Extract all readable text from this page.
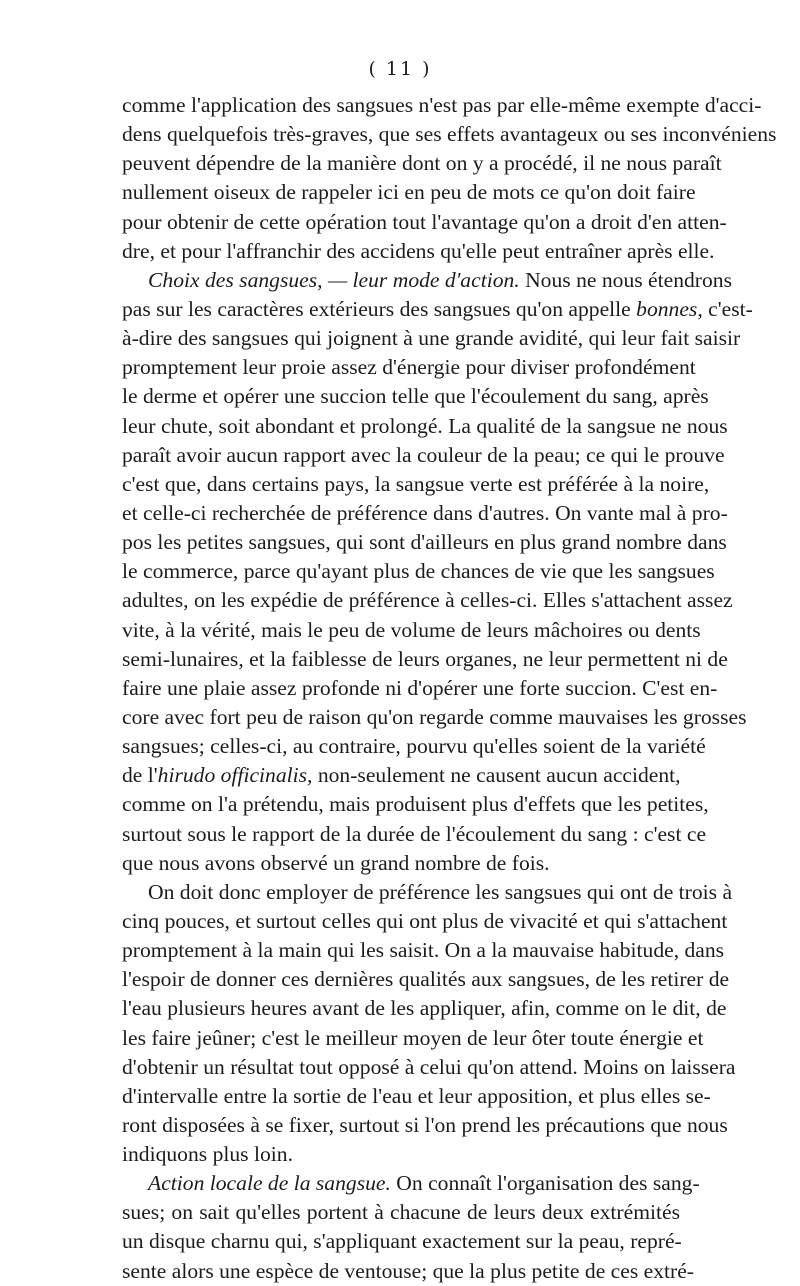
( 11 )
comme l'application des sangsues n'est pas par elle-même exempte d'acci-
dens quelquefois très-graves, que ses effets avantageux ou ses inconvéniens
peuvent dépendre de la manière dont on y a procédé, il ne nous paraît
nullement oiseux de rappeler ici en peu de mots ce qu'on doit faire
pour obtenir de cette opération tout l'avantage qu'on a droit d'en atten-
dre, et pour l'affranchir des accidens qu'elle peut entraîner après elle.
Choix des sangsues, — leur mode d'action. Nous ne nous étendrons
pas sur les caractères extérieurs des sangsues qu'on appelle bonnes, c'est-
à-dire des sangsues qui joignent à une grande avidité, qui leur fait saisir
promptement leur proie assez d'énergie pour diviser profondément
le derme et opérer une succion telle que l'écoulement du sang, après
leur chute, soit abondant et prolongé. La qualité de la sangsue ne nous
paraît avoir aucun rapport avec la couleur de la peau; ce qui le prouve
c'est que, dans certains pays, la sangsue verte est préférée à la noire,
et celle-ci recherchée de préférence dans d'autres. On vante mal à pro-
pos les petites sangsues, qui sont d'ailleurs en plus grand nombre dans
le commerce, parce qu'ayant plus de chances de vie que les sangsues
adultes, on les expédie de préférence à celles-ci. Elles s'attachent assez
vite, à la vérité, mais le peu de volume de leurs mâchoires ou dents
semi-lunaires, et la faiblesse de leurs organes, ne leur permettent ni de
faire une plaie assez profonde ni d'opérer une forte succion. C'est en-
core avec fort peu de raison qu'on regarde comme mauvaises les grosses
sangsues; celles-ci, au contraire, pourvu qu'elles soient de la variété
de l'hirudo officinalis, non-seulement ne causent aucun accident,
comme on l'a prétendu, mais produisent plus d'effets que les petites,
surtout sous le rapport de la durée de l'écoulement du sang : c'est ce
que nous avons observé un grand nombre de fois.
On doit donc employer de préférence les sangsues qui ont de trois à
cinq pouces, et surtout celles qui ont plus de vivacité et qui s'attachent
promptement à la main qui les saisit. On a la mauvaise habitude, dans
l'espoir de donner ces dernières qualités aux sangsues, de les retirer de
l'eau plusieurs heures avant de les appliquer, afin, comme on le dit, de
les faire jeûner; c'est le meilleur moyen de leur ôter toute énergie et
d'obtenir un résultat tout opposé à celui qu'on attend. Moins on laissera
d'intervalle entre la sortie de l'eau et leur apposition, et plus elles se-
ront disposées à se fixer, surtout si l'on prend les précautions que nous
indiquons plus loin.
Action locale de la sangsue. On connaît l'organisation des sang-
sues; on sait qu'elles portent à chacune de leurs deux extrémités
un disque charnu qui, s'appliquant exactement sur la peau, repré-
sente alors une espèce de ventouse; que la plus petite de ces extré-
